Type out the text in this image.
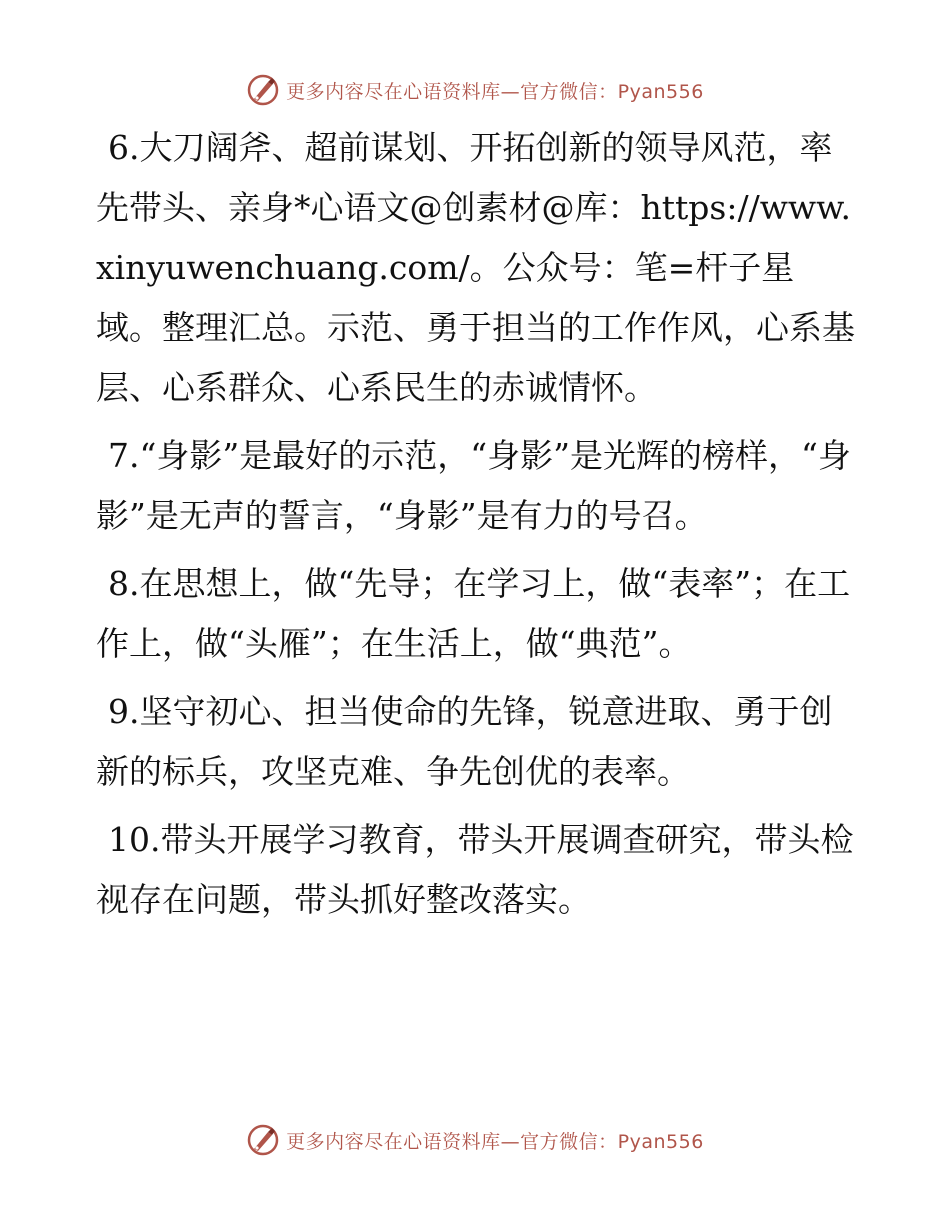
更多内容尽在心语资料库—官方微信：Pyan556

6.大刀阔斧、超前谋划、开拓创新的领导风范，率先带头、亲身*心语文@创素材@库：https://www.xinyuwenchuang.com/。公众号：笔=杆子星域。整理汇总。示范、勇于担当的工作作风，心系基层、心系群众、心系民生的赤诚情怀。

7.“身影”是最好的示范，“身影”是光辉的榜样，“身影”是无声的誓言，“身影”是有力的号召。

8.在思想上，做“先导；在学习上，做“表率”；在工作上，做“头雁”；在生活上，做“典范”。

9.坚守初心、担当使命的先锋，锐意进取、勇于创新的标兵，攻坚克难、争先创优的表率。

10.带头开展学习教育，带头开展调查研究，带头检视存在问题，带头抓好整改落实。

更多内容尽在心语资料库—官方微信：Pyan556
